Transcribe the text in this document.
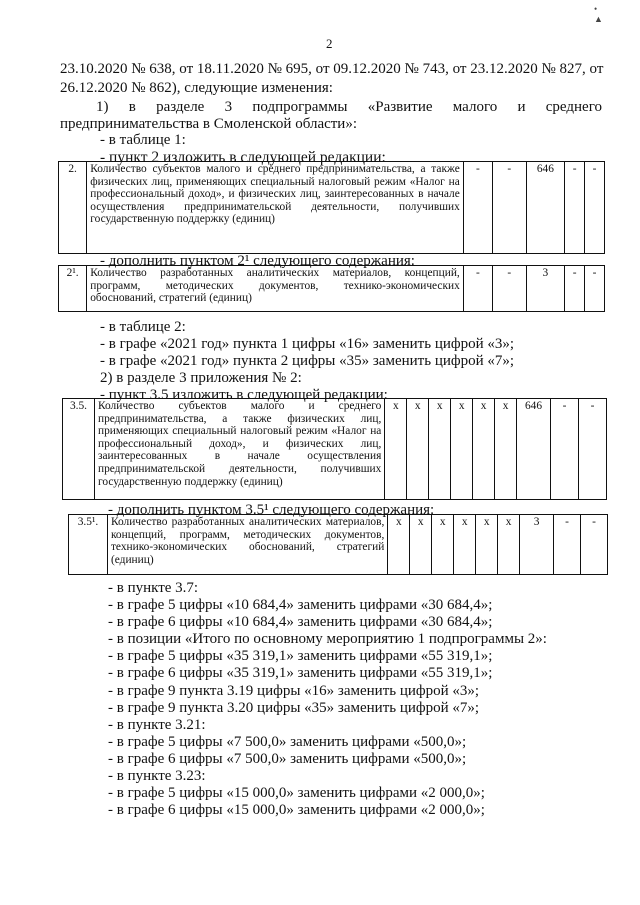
• ▲
2
23.10.2020 № 638, от 18.11.2020 № 695, от 09.12.2020 № 743, от 23.12.2020 № 827, от
26.12.2020 № 862), следующие изменения:
1) в разделе 3 подпрограммы «Развитие малого и среднего
предпринимательства в Смоленской области»:
- в таблице 1:
- пункт 2 изложить в следующей редакции:
2.	Количество субъектов малого и среднего предпринимательства, а также физических лиц, применяющих специальный налоговый режим «Налог на профессиональный доход», и физических лиц, заинтересованных в начале осуществления предпринимательской деятельности, получивших государственную поддержку (единиц)	-	-	646	-	-
- дополнить пунктом 2¹ следующего содержания:
2¹.	Количество разработанных аналитических материалов, концепций, программ, методических документов, технико-экономических обоснований, стратегий (единиц)	-	-	3	-	-
- в таблице 2:
- в графе «2021 год» пункта 1 цифры «16» заменить цифрой «3»;
- в графе «2021 год» пункта 2 цифры «35» заменить цифрой «7»;
2) в разделе 3 приложения № 2:
- пункт 3.5 изложить в следующей редакции:
3.5.	Количество субъектов малого и среднего предпринимательства, а также физических лиц, применяющих специальный налоговый режим «Налог на профессиональный доход», и физических лиц, заинтересованных в начале осуществления предпринимательской деятельности, получивших государственную поддержку (единиц)	x	x	x	x	x	x	646	-	-
- дополнить пунктом 3.5¹ следующего содержания:
3.5¹.	Количество разработанных аналитических материалов, концепций, программ, методических документов, технико-экономических обоснований, стратегий (единиц)	x	x	x	x	x	x	3	-	-
- в пункте 3.7:
- в графе 5 цифры «10 684,4» заменить цифрами «30 684,4»;
- в графе 6 цифры «10 684,4» заменить цифрами «30 684,4»;
- в позиции «Итого по основному мероприятию 1 подпрограммы 2»:
- в графе 5 цифры «35 319,1» заменить цифрами «55 319,1»;
- в графе 6 цифры «35 319,1» заменить цифрами «55 319,1»;
- в графе 9 пункта 3.19 цифры «16» заменить цифрой «3»;
- в графе 9 пункта 3.20 цифры «35» заменить цифрой «7»;
- в пункте 3.21:
- в графе 5 цифры «7 500,0» заменить цифрами «500,0»;
- в графе 6 цифры «7 500,0» заменить цифрами «500,0»;
- в пункте 3.23:
- в графе 5 цифры «15 000,0» заменить цифрами «2 000,0»;
- в графе 6 цифры «15 000,0» заменить цифрами «2 000,0»;
